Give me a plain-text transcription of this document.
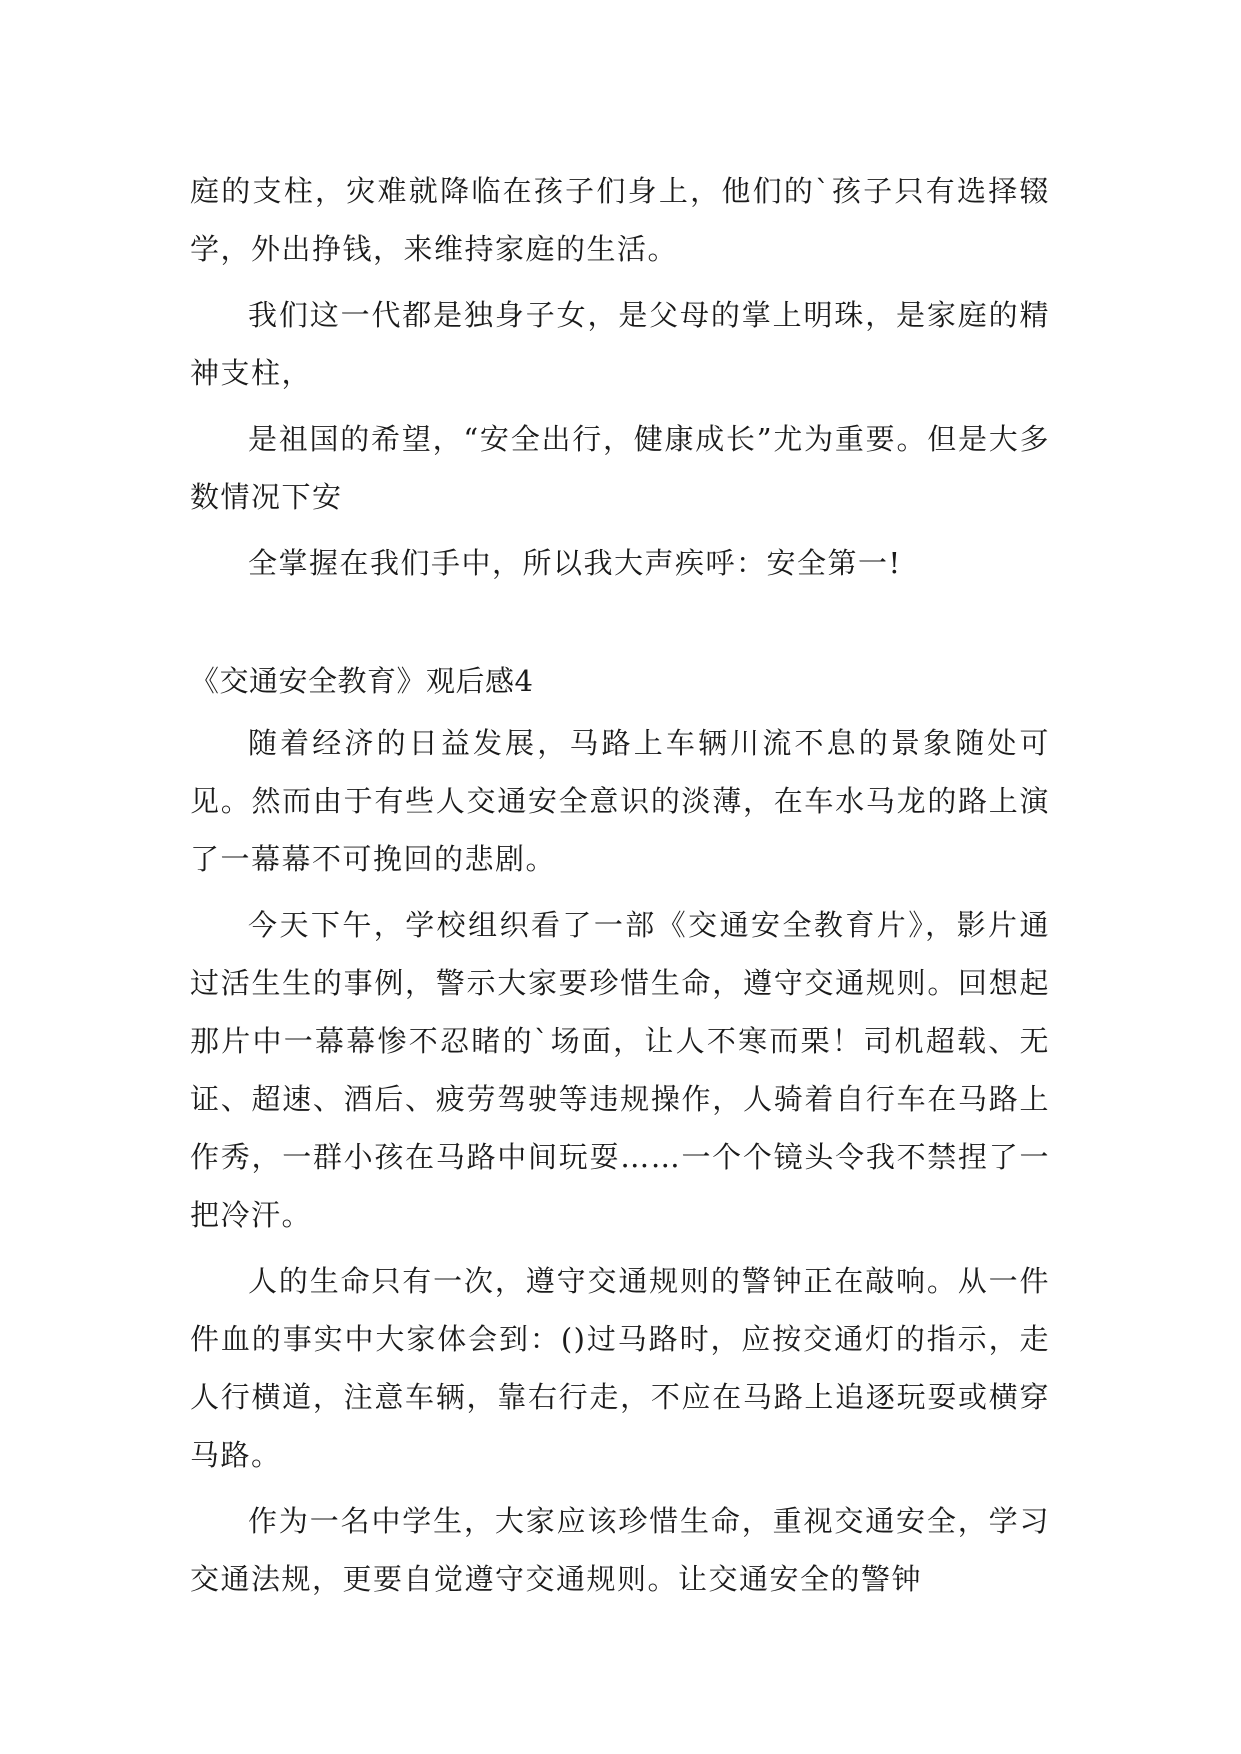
庭的支柱，灾难就降临在孩子们身上，他们的`孩子只有选择辍学，外出挣钱，来维持家庭的生活。

我们这一代都是独身子女，是父母的掌上明珠，是家庭的精神支柱，

是祖国的希望，“安全出行，健康成长”尤为重要。但是大多数情况下安

全掌握在我们手中，所以我大声疾呼：安全第一!

《交通安全教育》观后感4

随着经济的日益发展，马路上车辆川流不息的景象随处可见。然而由于有些人交通安全意识的淡薄，在车水马龙的路上演了一幕幕不可挽回的悲剧。

今天下午，学校组织看了一部《交通安全教育片》，影片通过活生生的事例，警示大家要珍惜生命，遵守交通规则。回想起那片中一幕幕惨不忍睹的`场面，让人不寒而栗！司机超载、无证、超速、酒后、疲劳驾驶等违规操作，人骑着自行车在马路上作秀，一群小孩在马路中间玩耍……一个个镜头令我不禁捏了一把冷汗。

人的生命只有一次，遵守交通规则的警钟正在敲响。从一件件血的事实中大家体会到：()过马路时，应按交通灯的指示，走人行横道，注意车辆，靠右行走，不应在马路上追逐玩耍或横穿马路。

作为一名中学生，大家应该珍惜生命，重视交通安全，学习交通法规，更要自觉遵守交通规则。让交通安全的警钟
